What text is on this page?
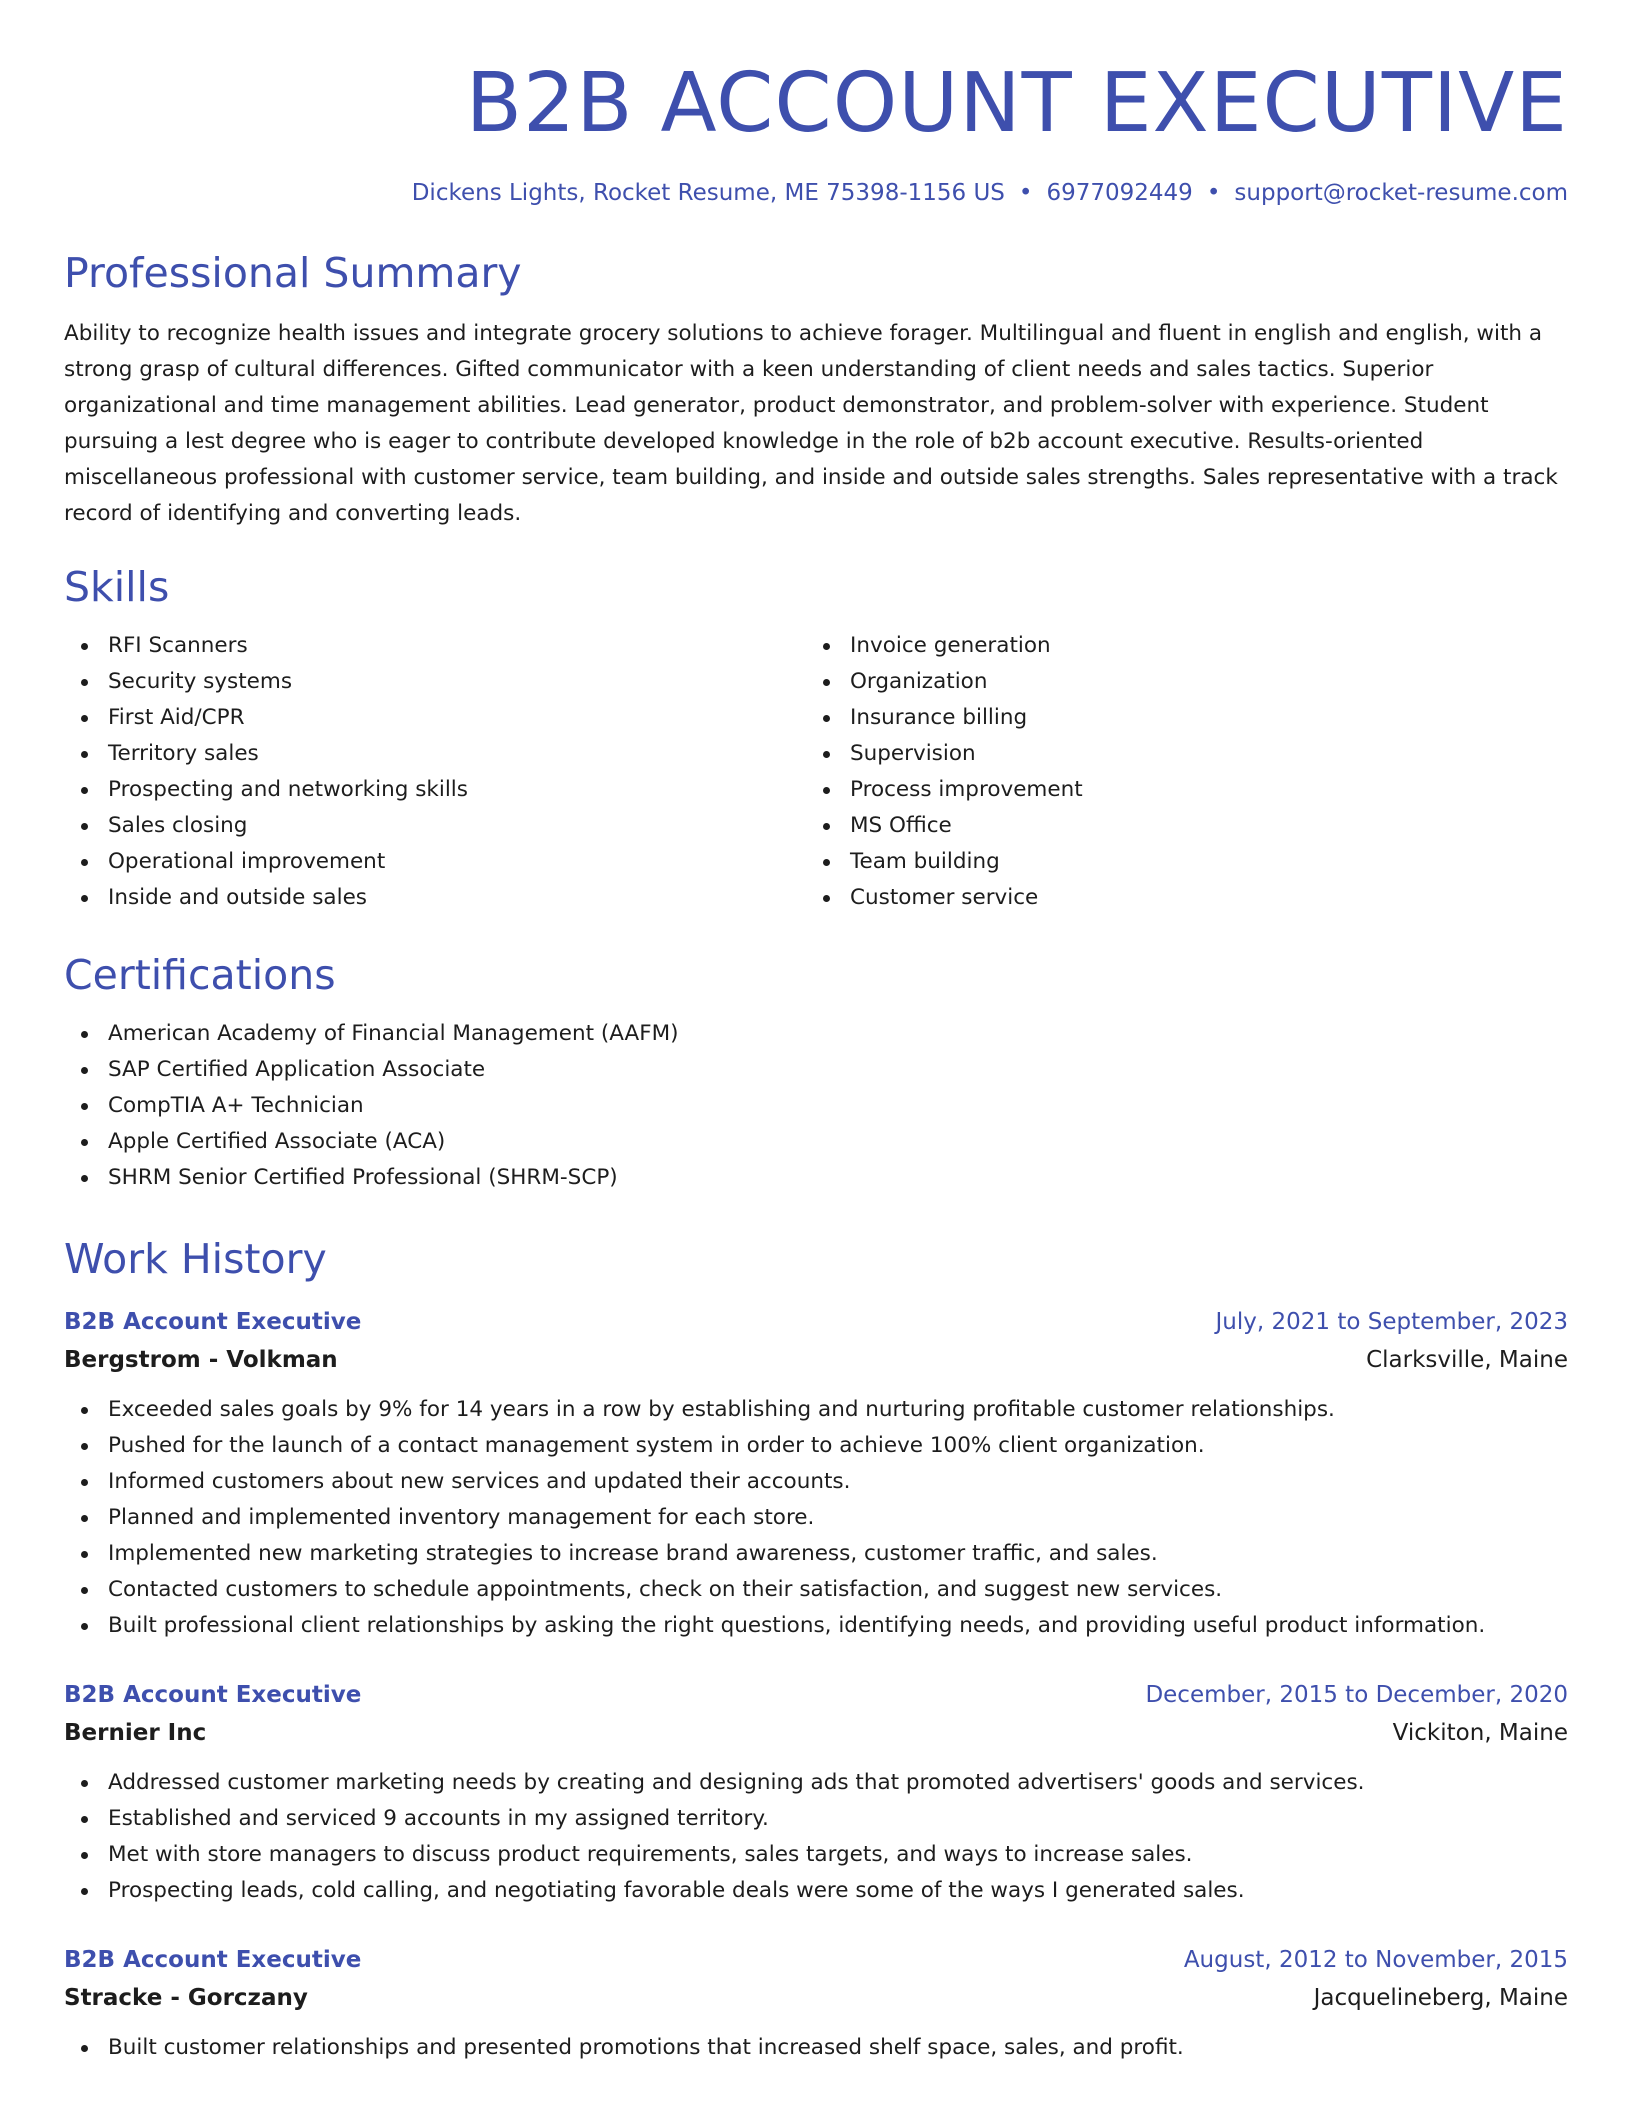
B2B ACCOUNT EXECUTIVE
Dickens Lights, Rocket Resume, ME 75398-1156 US • 6977092449 • support@rocket-resume.com
Professional Summary
Ability to recognize health issues and integrate grocery solutions to achieve forager. Multilingual and fluent in english and english, with a strong grasp of cultural differences. Gifted communicator with a keen understanding of client needs and sales tactics. Superior organizational and time management abilities. Lead generator, product demonstrator, and problem-solver with experience. Student pursuing a lest degree who is eager to contribute developed knowledge in the role of b2b account executive. Results-oriented miscellaneous professional with customer service, team building, and inside and outside sales strengths. Sales representative with a track record of identifying and converting leads.
Skills
RFI Scanners
Security systems
First Aid/CPR
Territory sales
Prospecting and networking skills
Sales closing
Operational improvement
Inside and outside sales
Invoice generation
Organization
Insurance billing
Supervision
Process improvement
MS Office
Team building
Customer service
Certifications
American Academy of Financial Management (AAFM)
SAP Certified Application Associate
CompTIA A+ Technician
Apple Certified Associate (ACA)
SHRM Senior Certified Professional (SHRM-SCP)
Work History
B2B Account Executive	July, 2021 to September, 2023
Bergstrom - Volkman	Clarksville, Maine
Exceeded sales goals by 9% for 14 years in a row by establishing and nurturing profitable customer relationships.
Pushed for the launch of a contact management system in order to achieve 100% client organization.
Informed customers about new services and updated their accounts.
Planned and implemented inventory management for each store.
Implemented new marketing strategies to increase brand awareness, customer traffic, and sales.
Contacted customers to schedule appointments, check on their satisfaction, and suggest new services.
Built professional client relationships by asking the right questions, identifying needs, and providing useful product information.
B2B Account Executive	December, 2015 to December, 2020
Bernier Inc	Vickiton, Maine
Addressed customer marketing needs by creating and designing ads that promoted advertisers' goods and services.
Established and serviced 9 accounts in my assigned territory.
Met with store managers to discuss product requirements, sales targets, and ways to increase sales.
Prospecting leads, cold calling, and negotiating favorable deals were some of the ways I generated sales.
B2B Account Executive	August, 2012 to November, 2015
Stracke - Gorczany	Jacquelineberg, Maine
Built customer relationships and presented promotions that increased shelf space, sales, and profit.
